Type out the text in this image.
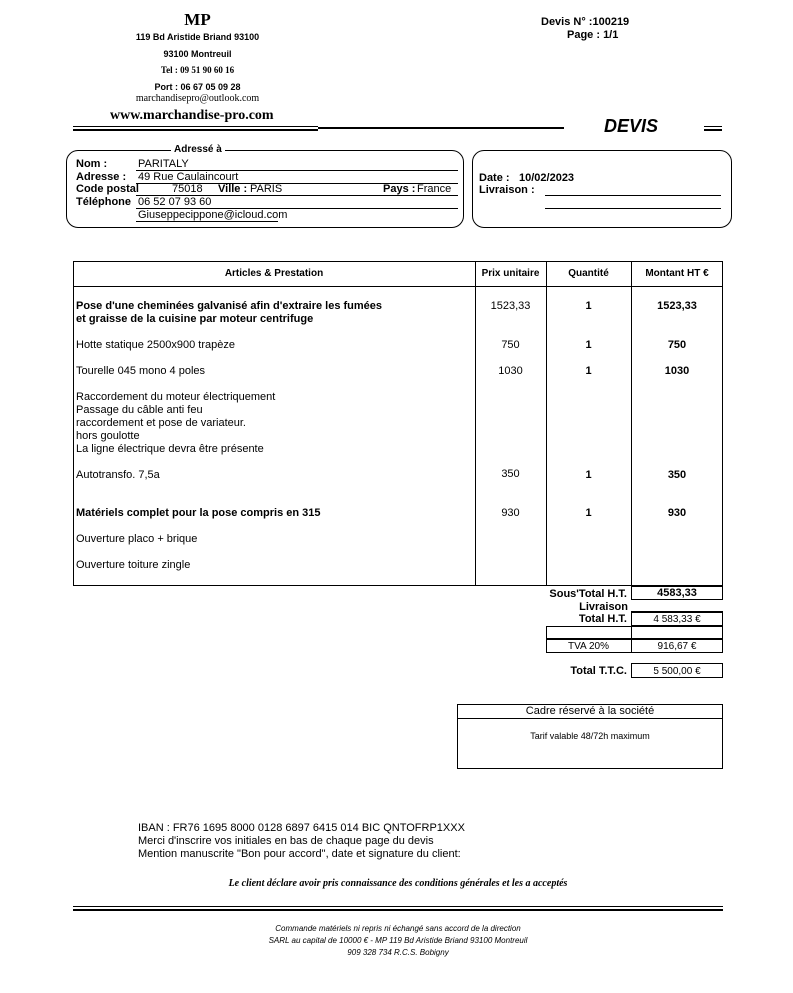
MP
119 Bd Aristide Briand 93100
93100 Montreuil
Tel : 09 51 90 60 16
Port : 06 67 05 09 28
marchandisepro@outlook.com
www.marchandise-pro.com
Devis N° :100219
Page : 1/1
DEVIS
Adressé à
Nom :	PARITALY
Adresse : 49 Rue Caulaincourt
Code postal	75018 Ville : PARIS	Pays : France
Téléphone 06 52 07 93 60
Giuseppecippone@icloud.com
Date : 10/02/2023
Livraison :
Articles & Prestation	Prix unitaire	Quantité	Montant HT €
Pose d'une cheminées galvanisé afin d'extraire les fumées	1523,33	1	1523,33
et graisse de la cuisine par moteur centrifuge
Hotte statique 2500x900 trapèze	750	1	750
Tourelle 045 mono 4 poles	1030	1	1030
Raccordement du moteur électriquement
Passage du câble anti feu
raccordement et pose de variateur.
hors goulotte
La ligne électrique devra être présente
Autotransfo. 7,5a	350	1	350
Matériels complet pour la pose compris en 315	930	1	930
Ouverture placo + brique
Ouverture toiture zingle
Sous'Total H.T.	4583,33
Livraison
Total H.T.	4 583,33 €
TVA 20%	916,67 €
Total T.T.C.	5 500,00 €
Cadre réservé à la société
Tarif valable 48/72h maximum
IBAN : FR76 1695 8000 0128 6897 6415 014 BIC QNTOFRP1XXX
Merci d'inscrire vos initiales en bas de chaque page du devis
Mention manuscrite "Bon pour accord", date et signature du client:
Le client déclare avoir pris connaissance des conditions générales et les a acceptés
Commande matériels ni repris ni échangé sans accord de la direction
SARL au capital de 10000 € - MP 119 Bd Aristide Briand 93100 Montreuil
909 328 734 R.C.S. Bobigny
